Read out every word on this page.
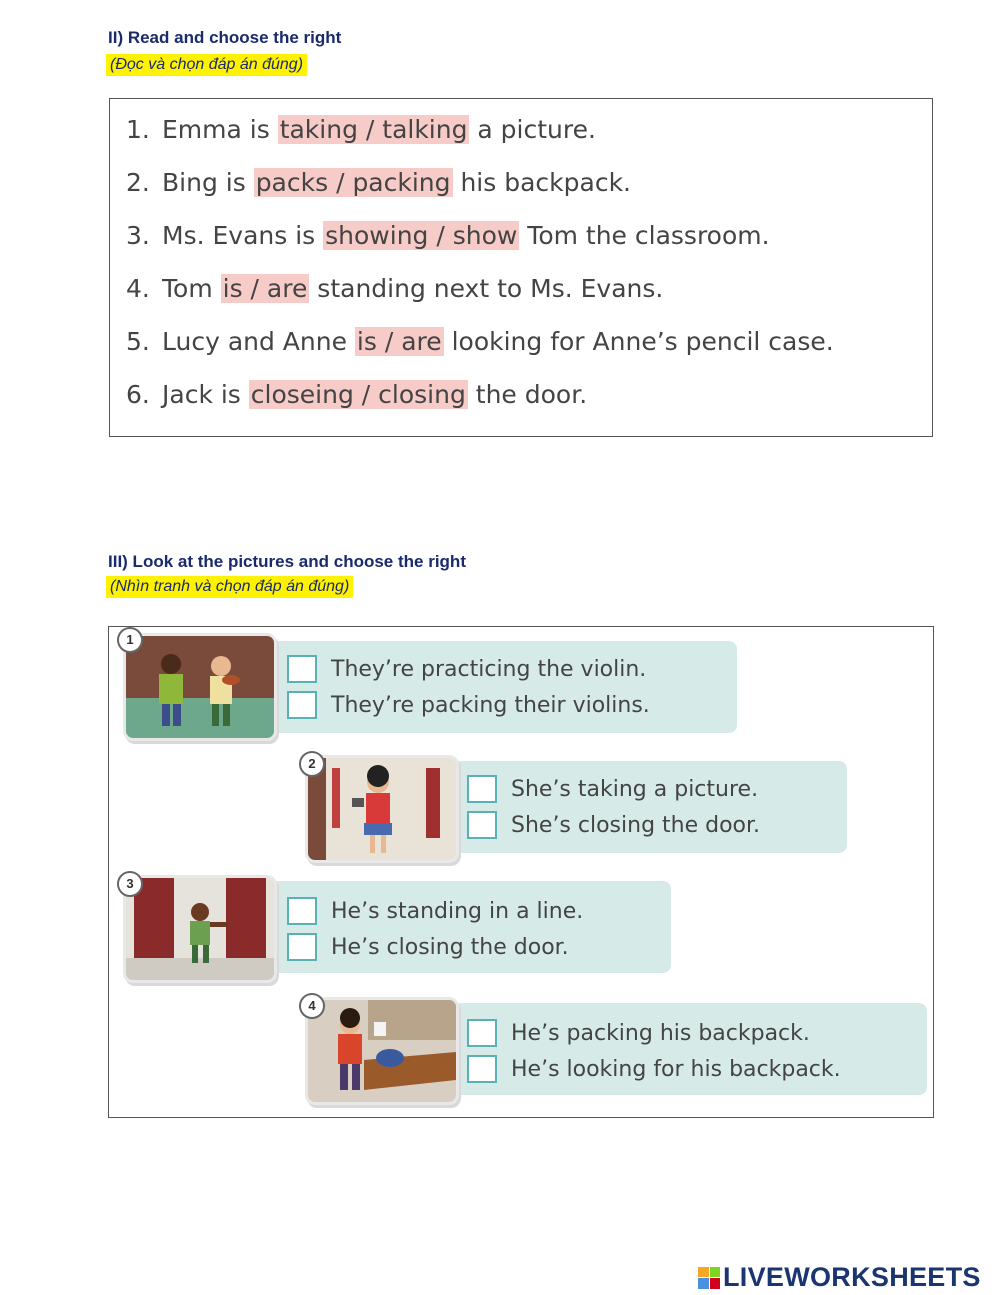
II) Read and choose the right
(Đọc và chọn đáp án đúng)
1. Emma is taking / talking a picture.
2. Bing is packs / packing his backpack.
3. Ms. Evans is showing / show Tom the classroom.
4. Tom is / are standing next to Ms. Evans.
5. Lucy and Anne is / are looking for Anne’s pencil case.
6. Jack is closeing / closing the door.
III) Look at the pictures and choose the right
(Nhìn tranh và chọn đáp án đúng)
They’re practicing the violin.
They’re packing their violins.
1
She’s taking a picture.
She’s closing the door.
2
He’s standing in a line.
He’s closing the door.
3
He’s packing his backpack.
He’s looking for his backpack.
4
LIVEWORKSHEETS
